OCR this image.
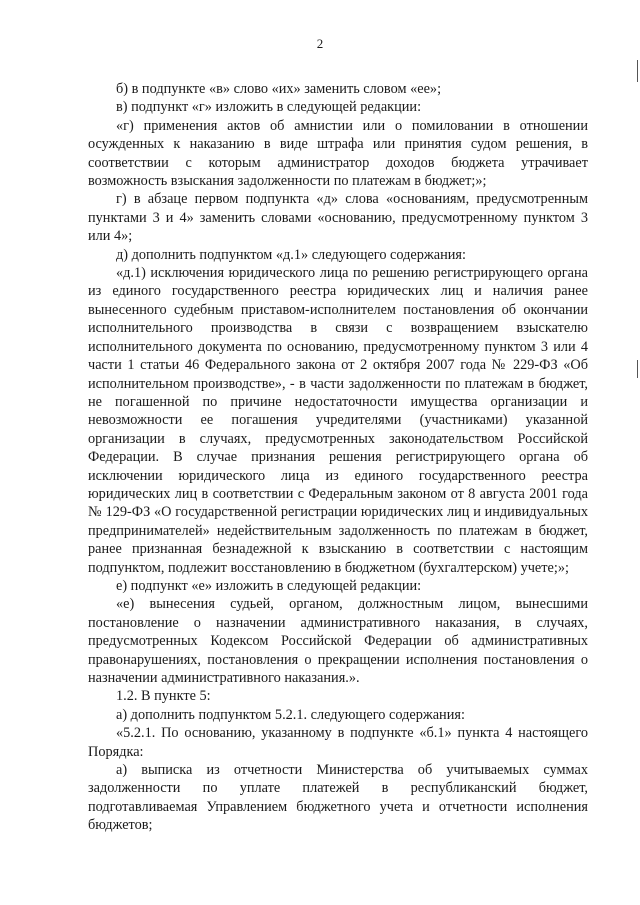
2

б) в подпункте «в» слово «их» заменить словом «ее»;

в) подпункт «г» изложить в следующей редакции:

«г) применения актов об амнистии или о помиловании в отношении осужденных к наказанию в виде штрафа или принятия судом решения, в соответствии с которым администратор доходов бюджета утрачивает возможность взыскания задолженности по платежам в бюджет;»;

г) в абзаце первом подпункта «д» слова «основаниям, предусмотренным пунктами 3 и 4» заменить словами «основанию, предусмотренному пунктом 3 или 4»;

д) дополнить подпунктом «д.1» следующего содержания:

«д.1) исключения юридического лица по решению регистрирующего органа из единого государственного реестра юридических лиц и наличия ранее вынесенного судебным приставом-исполнителем постановления об окончании исполнительного производства в связи с возвращением взыскателю исполнительного документа по основанию, предусмотренному пунктом 3 или 4 части 1 статьи 46 Федерального закона от 2 октября 2007 года № 229-ФЗ «Об исполнительном производстве», - в части задолженности по платежам в бюджет, не погашенной по причине недостаточности имущества организации и невозможности ее погашения учредителями (участниками) указанной организации в случаях, предусмотренных законодательством Российской Федерации. В случае признания решения регистрирующего органа об исключении юридического лица из единого государственного реестра юридических лиц в соответствии с Федеральным законом от 8 августа 2001 года № 129-ФЗ «О государственной регистрации юридических лиц и индивидуальных предпринимателей» недействительным задолженность по платежам в бюджет, ранее признанная безнадежной к взысканию в соответствии с настоящим подпунктом, подлежит восстановлению в бюджетном (бухгалтерском) учете;»;

е) подпункт «е» изложить в следующей редакции:

«е) вынесения судьей, органом, должностным лицом, вынесшими постановление о назначении административного наказания, в случаях, предусмотренных Кодексом Российской Федерации об административных правонарушениях, постановления о прекращении исполнения постановления о назначении административного наказания.».

1.2. В пункте 5:

а) дополнить подпунктом 5.2.1. следующего содержания:

«5.2.1. По основанию, указанному в подпункте «б.1» пункта 4 настоящего Порядка:

а) выписка из отчетности Министерства об учитываемых суммах задолженности по уплате платежей в республиканский бюджет, подготавливаемая Управлением бюджетного учета и отчетности исполнения бюджетов;
